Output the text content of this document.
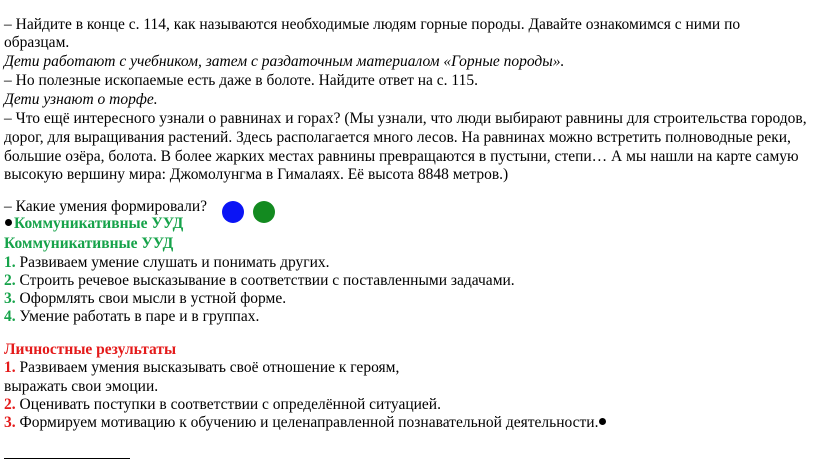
– Найдите в конце с. 114, как называются необходимые людям горные породы. Давайте ознакомимся с ними по
образцам.
Дети работают с учебником, затем с раздаточным материалом «Горные породы».
– Но полезные ископаемые есть даже в болоте. Найдите ответ на с. 115.
Дети узнают о торфе.
– Что ещё интересного узнали о равнинах и горах? (Мы узнали, что люди выбирают равнины для строительства городов,
дорог, для выращивания растений. Здесь располагается много лесов. На равнинах можно встретить полноводные реки,
большие озёра, болота. В более жарких местах равнины превращаются в пустыни, степи… А мы нашли на карте самую
высокую вершину мира: Джомолунгма в Гималаях. Её высота 8848 метров.)
– Какие умения формировали?
Коммуникативные УУД
Коммуникативные УУД
1. Развиваем умение слушать и понимать других.
2. Строить речевое высказывание в соответствии с поставленными задачами.
3. Оформлять свои мысли в устной форме.
4. Умение работать в паре и в группах.
Личностные результаты
1. Развиваем умения высказывать своё отношение к героям,
выражать свои эмоции.
2. Оценивать поступки в соответствии с определённой ситуацией.
3. Формируем мотивацию к обучению и целенаправленной познавательной деятельности.
